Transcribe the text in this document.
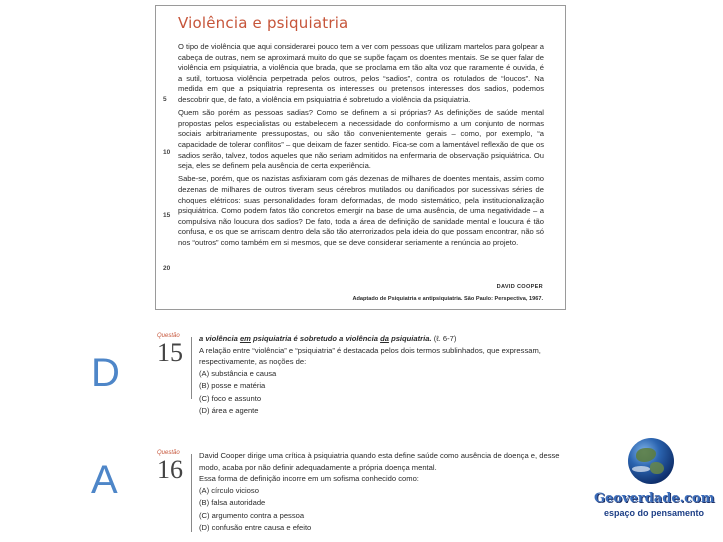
Violência e psiquiatria
5
10
15
20

O tipo de violência que aqui considerarei pouco tem a ver com pessoas que utilizam martelos para golpear a cabeça de outras, nem se aproximará muito do que se supõe façam os doentes mentais. Se se quer falar de violência em psiquiatria, a violência que brada, que se proclama em tão alta voz que raramente é ouvida, é a sutil, tortuosa violência perpetrada pelos outros, pelos “sadios”, contra os rotulados de “loucos”. Na medida em que a psiquiatria representa os interesses ou pretensos interesses dos sadios, podemos descobrir que, de fato, a violência em psiquiatria é sobretudo a violência da psiquiatria.

Quem são porém as pessoas sadias? Como se definem a si próprias? As definições de saúde mental propostas pelos especialistas ou estabelecem a necessidade do conformismo a um conjunto de normas sociais arbitrariamente pressupostas, ou são tão convenientemente gerais – como, por exemplo, “a capacidade de tolerar conflitos” – que deixam de fazer sentido. Fica-se com a lamentável reflexão de que os sadios serão, talvez, todos aqueles que não seriam admitidos na enfermaria de observação psiquiátrica. Ou seja, eles se definem pela ausência de certa experiência.

Sabe-se, porém, que os nazistas asfixiaram com gás dezenas de milhares de doentes mentais, assim como dezenas de milhares de outros tiveram seus cérebros mutilados ou danificados por sucessivas séries de choques elétricos: suas personalidades foram deformadas, de modo sistemático, pela institucionalização psiquiátrica. Como podem fatos tão concretos emergir na base de uma ausência, de uma negatividade – a compulsiva não loucura dos sadios? De fato, toda a área de definição de sanidade mental e loucura é tão confusa, e os que se arriscam dentro dela são tão aterrorizados pela ideia do que possam encontrar, não só nos “outros” como também em si mesmos, que se deve considerar seriamente a renúncia ao projeto.

DAVID COOPER
Adaptado de Psiquiatria e antipsiquiatria. São Paulo: Perspectiva, 1967.
Questão
15 a violência em psiquiatria é sobretudo a violência da psiquiatria. (ℓ. 6-7)

A relação entre “violência” e “psiquiatria” é destacada pelos dois termos sublinhados, que expressam, respectivamente, as noções de:

(A) substância e causa

(B) posse e matéria

(C) foco e assunto

(D) área e agente

D
Questão
16 David Cooper dirige uma crítica à psiquiatria quando esta define saúde como ausência de doença e, desse modo, acaba por não definir adequadamente a própria doença mental.

Essa forma de definição incorre em um sofisma conhecido como:

(A) círculo vicioso

(B) falsa autoridade

(C) argumento contra a pessoa

(D) confusão entre causa e efeito

A	Geoverdade.com
espaço do pensamento
